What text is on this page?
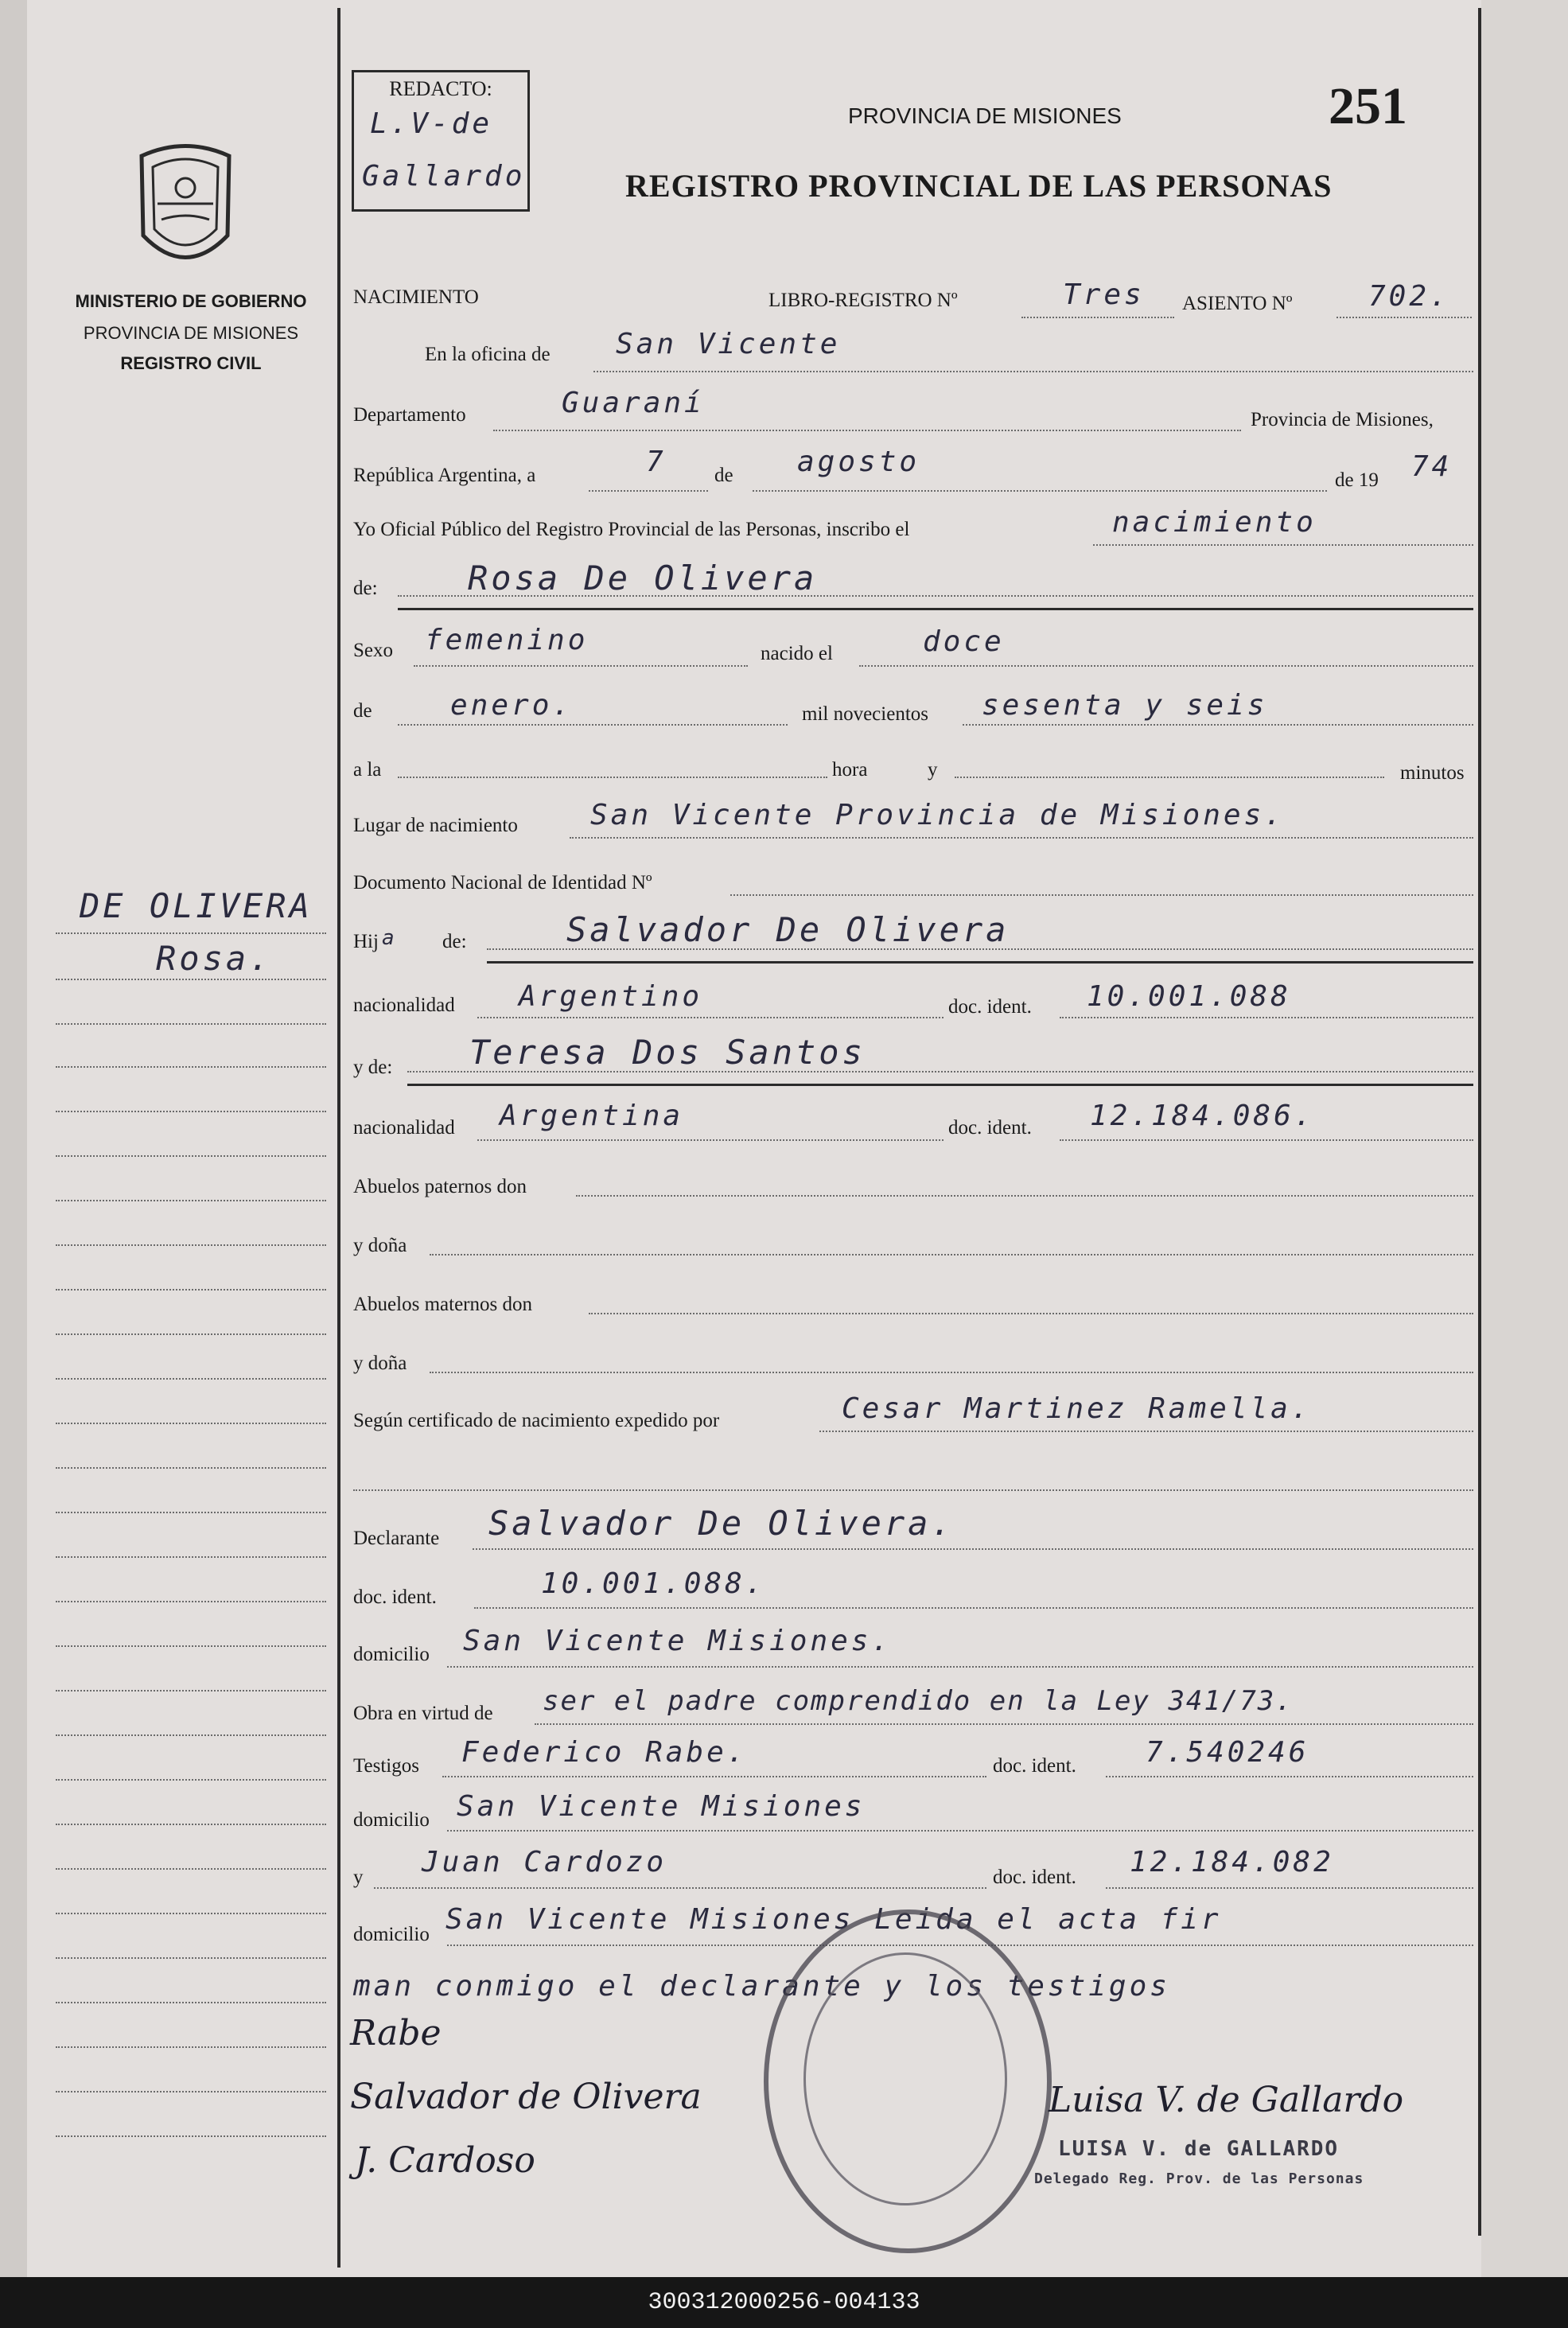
MINISTERIO DE GOBIERNO
PROVINCIA DE MISIONES
REGISTRO CIVIL
DE OLIVERA
Rosa.
REDACTO:
L.V-de
Gallardo
PROVINCIA DE MISIONES	251
REGISTRO PROVINCIAL DE LAS PERSONAS
NACIMIENTO	LIBRO-REGISTRO Nº	Tres ASIENTO Nº	702.
En la oficina de San Vicente
Departamento	Guaraní
Provincia de Misiones,
República Argentina, a	7 de agosto
de 19 74
Yo Oficial Público del Registro Provincial de las Personas, inscribo el	nacimiento
de:	Rosa De Olivera
Sexo femenino	nacido el	doce
de	enero.	mil novecientos sesenta y seis
a la	hora	y	minutos
Lugar de nacimiento	San Vicente Provincia de Misiones.
Documento Nacional de Identidad Nº
Hij a de:	Salvador De Olivera
nacionalidad Argentino	doc. ident. 10.001.088
y de: Teresa Dos Santos
nacionalidad Argentina	doc. ident. 12.184.086.
Abuelos paternos don
y doña
Abuelos maternos don
y doña
Según certificado de nacimiento expedido por	Cesar Martinez Ramella.
Declarante Salvador De Olivera.
doc. ident.	10.001.088.
domicilio San Vicente Misiones.
Obra en virtud de ser el padre comprendido en la Ley 341/73.
Testigos Federico Rabe.	doc. ident. 7.540246
domicilio San Vicente Misiones
y Juan Cardozo	doc. ident. 12.184.082
domicilio San Vicente Misiones Leida el acta fir
man conmigo el declarante y los testigos
Rabe
Salvador de Olivera
J. Cardoso
Luisa V. de Gallardo
LUISA V. de GALLARDO
Delegado Reg. Prov. de las Personas
300312000256-004133
